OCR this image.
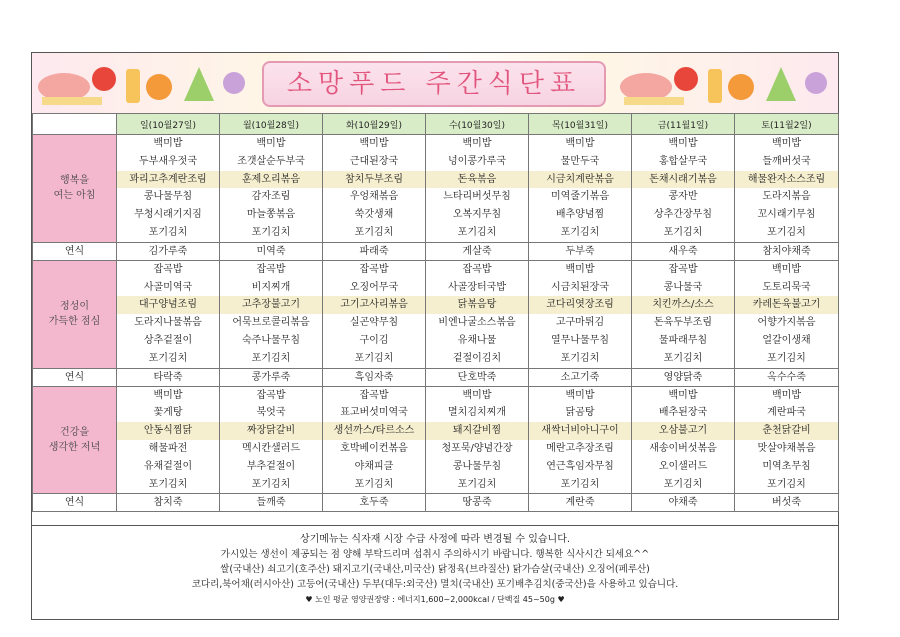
소망푸드 주간식단표
	일(10월27일)	월(10월28일)	화(10월29일)	수(10월30일)	목(10월31일)	금(11월1일)	토(11월2일)

행복을
여는 아침	백미밥	백미밥	백미밥	백미밥	백미밥	백미밥	백미밥
	두부새우젓국	조갯살순두부국	근대된장국	넝이콩가루국	물만두국	홍합살무국	들깨버섯국
	꽈리고추계란조림	훈제오리볶음	참치두부조림	돈육볶음	시금치계란볶음	돈채시래기볶음	해물완자소스조림
	콩나물무침	감자조림	우엉채볶음	느타리버섯무침	미역줄기볶음	콩자반	도라지볶음
	무청시래기지짐	마늘쫑볶음	쑥갓생채	오복지무침	배추양념찜	상추간장무침	꼬시래기무침
	포기김치	포기김치	포기김치	포기김치	포기김치	포기김치	포기김치
연식	김가루죽	미역죽	파래죽	게살죽	두부죽	새우죽	참치야채죽

정성이
가득한 점심	잡곡밥	잡곡밥	잡곡밥	잡곡밥	백미밥	잡곡밥	백미밥
	사골미역국	비지찌개	오징어무국	사골장터국밥	시금치된장국	콩나물국	도토리묵국
	대구양념조림	고추장불고기	고기고사리볶음	닭볶음탕	코다리엿장조림	치킨까스/소스	카레돈육불고기
	도라지나물볶음	어묵브로콜리볶음	실곤약무침	비엔나굴소스볶음	고구마튀김	돈육두부조림	어향가지볶음
	상추겉절이	숙주나물무침	구이김	유채나물	열무나물무침	물파래무침	얼갈이생채
	포기김치	포기김치	포기김치	겉절이김치	포기김치	포기김치	포기김치
연식	타락죽	콩가루죽	흑임자죽	단호박죽	소고기죽	영양닭죽	옥수수죽

건강을
생각한 저녁	백미밥	잡곡밥	잡곡밥	백미밥	백미밥	백미밥	백미밥
	꽃게탕	북엇국	표고버섯미역국	멸치김치찌개	닭곰탕	배추된장국	계란파국
	안동식찜닭	짜장닭갈비	생선까스/타르소스	돼지갈비찜	새싹너비아니구이	오삼불고기	춘천닭갈비
	해물파전	멕시칸샐러드	호박베이컨볶음	청포묵/양념간장	메란고추장조림	새송이버섯볶음	맛살야채볶음
	유채겉절이	부추겉절이	야채피클	콩나물무침	연근흑임자무침	오이샐러드	미역초무침
	포기김치	포기김치	포기김치	포기김치	포기김치	포기김치	포기김치
연식	참치죽	들깨죽	호두죽	땅콩죽	계란죽	야채죽	버섯죽
상기메뉴는 식자재 시장 수급 사정에 따라 변경될 수 있습니다.
가시있는 생선이 제공되는 점 양해 부탁드리며 섭취시 주의하시기 바랍니다. 행복한 식사시간 되세요^^
쌀(국내산) 쇠고기(호주산) 돼지고기(국내산,미국산) 닭정육(브라질산) 닭가슴살(국내산) 오징어(페루산)
코다리,북어채(러시아산) 고등어(국내산) 두부(대두:외국산) 멸치(국내산) 포기배추김치(중국산)을 사용하고 있습니다.
♥ 노인 평균 영양권장량 : 에너지1,600~2,000kcal / 단백질 45~50g ♥
